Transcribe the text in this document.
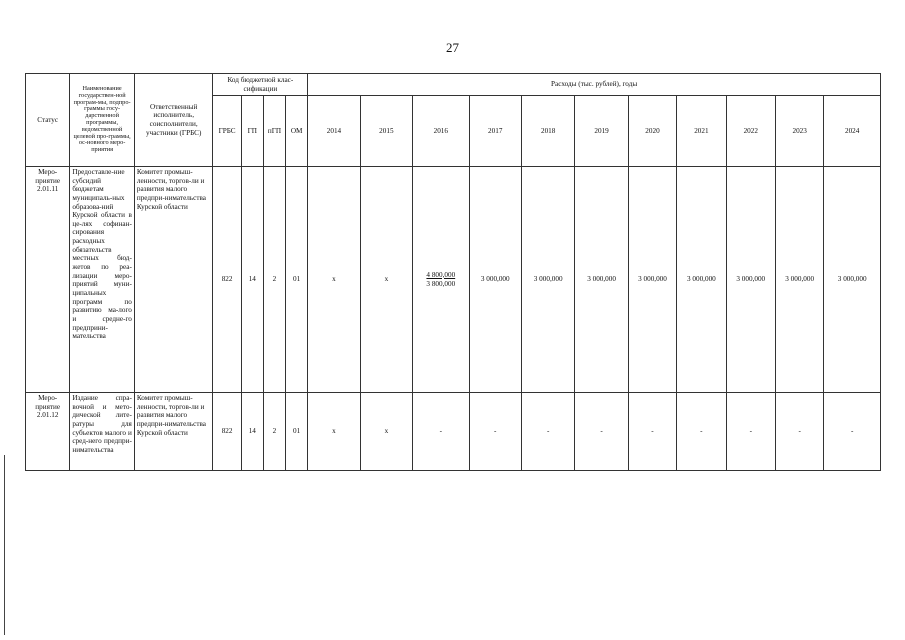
27
Статус	Наименование государствен-ной програм-мы, подпро-граммы госу-дарственной программы, ведомственной целевой про-граммы, ос-новного меро-приятия	Ответственный исполнитель, соисполнители, участники (ГРБС)	Код бюджетной клас-сификации				Расходы (тыс. рублей), годы										
			ГРБС	ГП	пГП	ОМ	2014	2015	2016	2017	2018	2019	2020	2021	2022	2023	2024
Меро-приятие 2.01.11	Предоставле-ние субсидий бюджетам муниципаль-ных образова-ний Курской области в це-лях софинан-сирования расходных обязательств местных бюд-жетов по реа-лизации меро-приятий муни-ципальных программ по развитию ма-лого и средне-го предприни-мательства	Комитет промыш-ленности, торгов-ли и развития малого предпри-нимательства Курской области	822	14	2	01	x	x	$\frac{4 800,000}{3 800,000}$	3 000,000	3 000,000	3 000,000	3 000,000	3 000,000	3 000,000	3 000,000	3 000,000
Меро-приятие 2.01.12	Издание спра-вочной и мето-дической лите-ратуры для субъектов малого и сред-него предпри-нимательства	Комитет промыш-ленности, торгов-ли и развития малого предпри-нимательства Курской области	822	14	2	01	x	x	-	-	-	-	-	-	-	-	-
